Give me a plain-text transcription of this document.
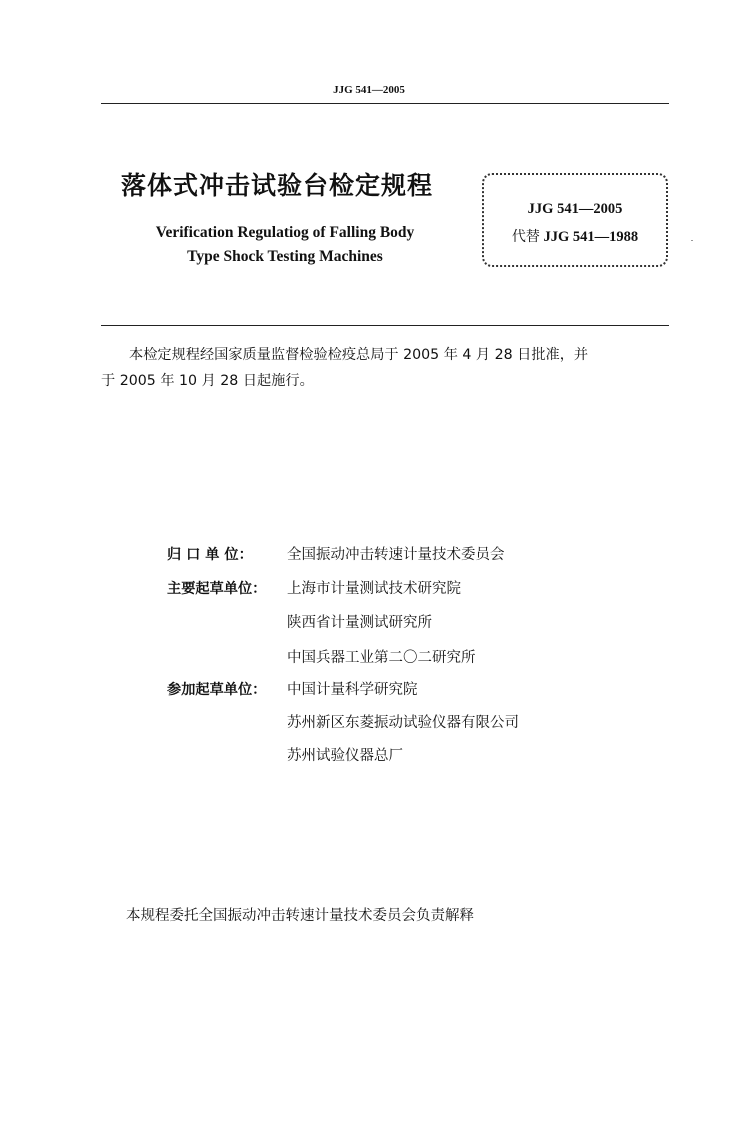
JJG 541—2005
落体式冲击试验台检定规程
Verification Regulatiog of Falling Body
Type Shock Testing Machines
JJG 541—2005
代替 JJG 541—1988
本检定规程经国家质量监督检验检疫总局于 2005 年 4 月 28 日批准，并
于 2005 年 10 月 28 日起施行。
归 口 单 位：	全国振动冲击转速计量技术委员会
主要起草单位：	上海市计量测试技术研究院
陕西省计量测试研究所
中国兵器工业第二〇二研究所
参加起草单位：	中国计量科学研究院
苏州新区东菱振动试验仪器有限公司
苏州试验仪器总厂
本规程委托全国振动冲击转速计量技术委员会负责解释
